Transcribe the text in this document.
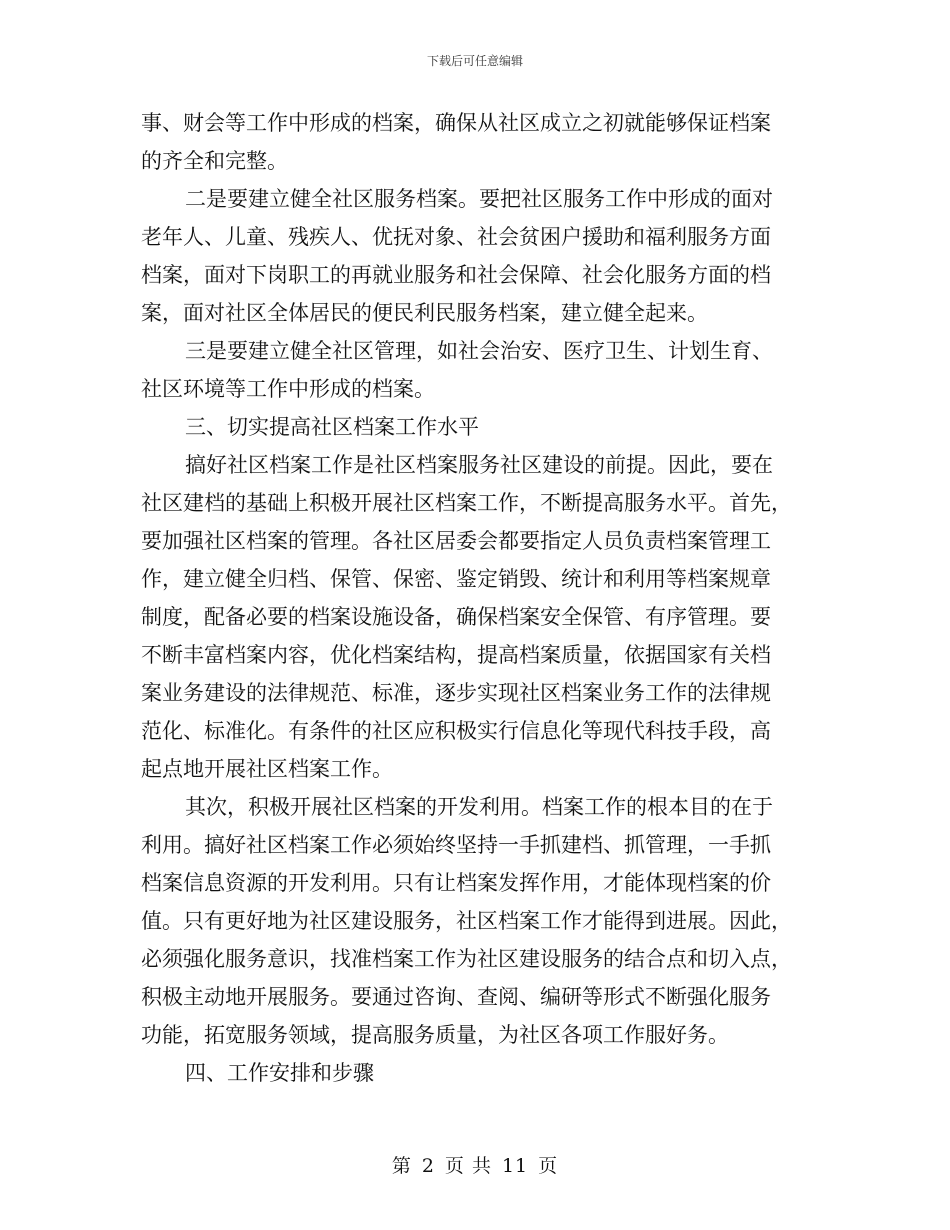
下载后可任意编辑

事、财会等工作中形成的档案，确保从社区成立之初就能够保证档案
的齐全和完整。

二是要建立健全社区服务档案。要把社区服务工作中形成的面对
老年人、儿童、残疾人、优抚对象、社会贫困户援助和福利服务方面
档案，面对下岗职工的再就业服务和社会保障、社会化服务方面的档
案，面对社区全体居民的便民利民服务档案，建立健全起来。

三是要建立健全社区管理，如社会治安、医疗卫生、计划生育、
社区环境等工作中形成的档案。

三、切实提高社区档案工作水平

搞好社区档案工作是社区档案服务社区建设的前提。因此，要在
社区建档的基础上积极开展社区档案工作，不断提高服务水平。首先，
要加强社区档案的管理。各社区居委会都要指定人员负责档案管理工
作，建立健全归档、保管、保密、鉴定销毁、统计和利用等档案规章
制度，配备必要的档案设施设备，确保档案安全保管、有序管理。要
不断丰富档案内容，优化档案结构，提高档案质量，依据国家有关档
案业务建设的法律规范、标准，逐步实现社区档案业务工作的法律规
范化、标准化。有条件的社区应积极实行信息化等现代科技手段，高
起点地开展社区档案工作。

其次，积极开展社区档案的开发利用。档案工作的根本目的在于
利用。搞好社区档案工作必须始终坚持一手抓建档、抓管理，一手抓
档案信息资源的开发利用。只有让档案发挥作用，才能体现档案的价
值。只有更好地为社区建设服务，社区档案工作才能得到进展。因此，
必须强化服务意识，找准档案工作为社区建设服务的结合点和切入点，
积极主动地开展服务。要通过咨询、查阅、编研等形式不断强化服务
功能，拓宽服务领域，提高服务质量，为社区各项工作服好务。

四、工作安排和步骤

第 2 页 共 11 页
